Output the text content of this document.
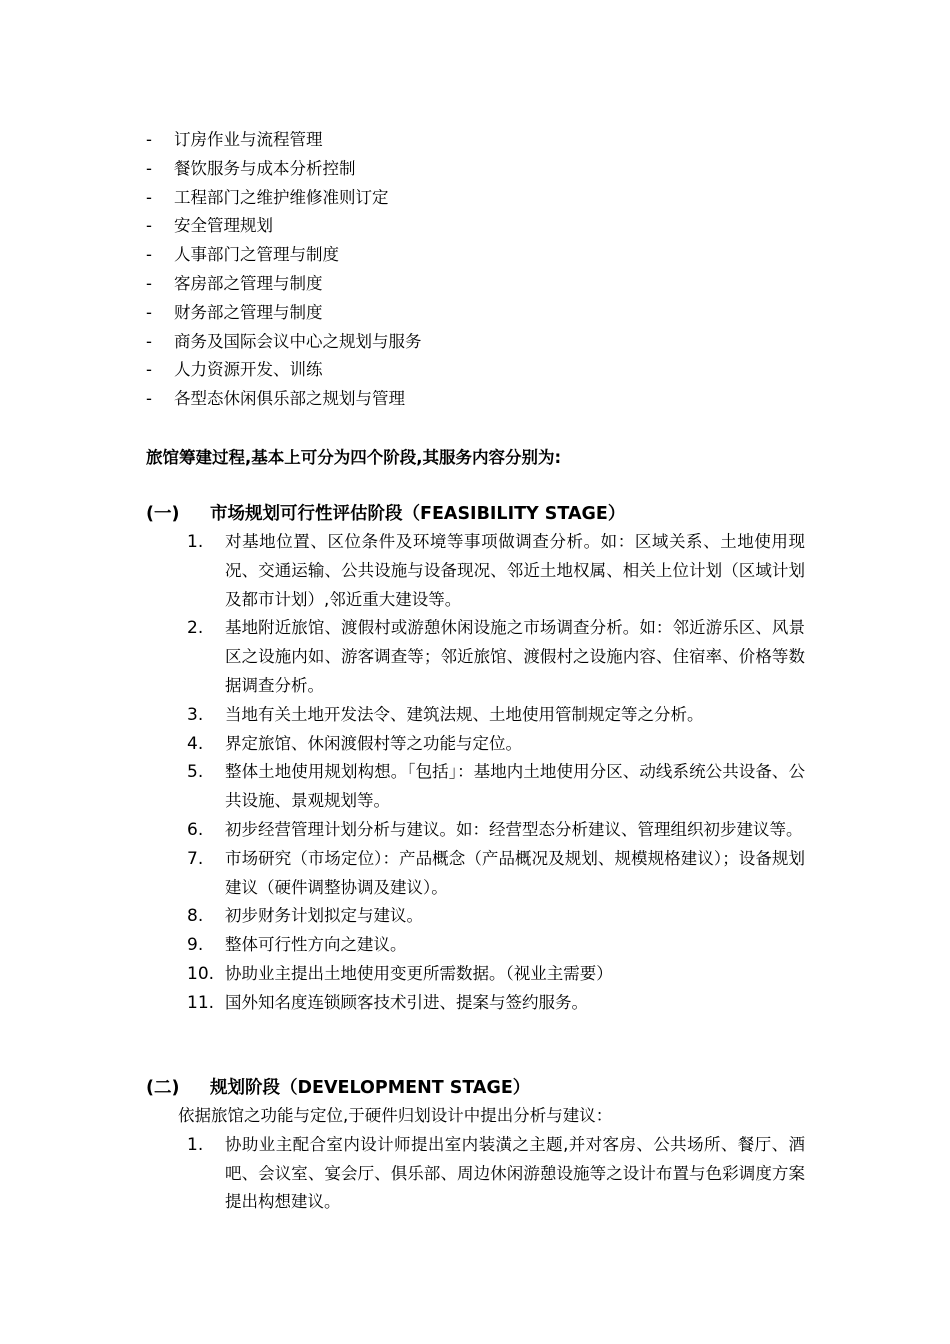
- 订房作业与流程管理
- 餐饮服务与成本分析控制
- 工程部门之维护维修准则订定
- 安全管理规划
- 人事部门之管理与制度
- 客房部之管理与制度
- 财务部之管理与制度
- 商务及国际会议中心之规划与服务
- 人力资源开发、训练
- 各型态休闲俱乐部之规划与管理
旅馆筹建过程,基本上可分为四个阶段,其服务内容分别为:
(一) 市场规划可行性评估阶段（FEASIBILITY STAGE）
1. 对基地位置、区位条件及环境等事项做调查分析。如：区域关系、土地使用现况、交通运输、公共设施与设备现况、邻近土地权属、相关上位计划（区域计划及都市计划）,邻近重大建设等。
2. 基地附近旅馆、渡假村或游憩休闲设施之市场调查分析。如：邻近游乐区、风景区之设施内如、游客调查等；邻近旅馆、渡假村之设施内容、住宿率、价格等数据调查分析。
3. 当地有关土地开发法令、建筑法规、土地使用管制规定等之分析。
4. 界定旅馆、休闲渡假村等之功能与定位。
5. 整体土地使用规划构想。「包括」：基地内土地使用分区、动线系统公共设备、公共设施、景观规划等。
6. 初步经营管理计划分析与建议。如：经营型态分析建议、管理组织初步建议等。
7. 市场研究（市场定位）：产品概念（产品概况及规划、规模规格建议）；设备规划建议（硬件调整协调及建议）。
8. 初步财务计划拟定与建议。
9. 整体可行性方向之建议。
10. 协助业主提出土地使用变更所需数据。（视业主需要）
11. 国外知名度连锁顾客技术引进、提案与签约服务。
(二) 规划阶段（DEVELOPMENT STAGE）
依据旅馆之功能与定位,于硬件归划设计中提出分析与建议：
1. 协助业主配合室内设计师提出室内装潢之主题,并对客房、公共场所、餐厅、酒吧、会议室、宴会厅、俱乐部、周边休闲游憩设施等之设计布置与色彩调度方案提出构想建议。
